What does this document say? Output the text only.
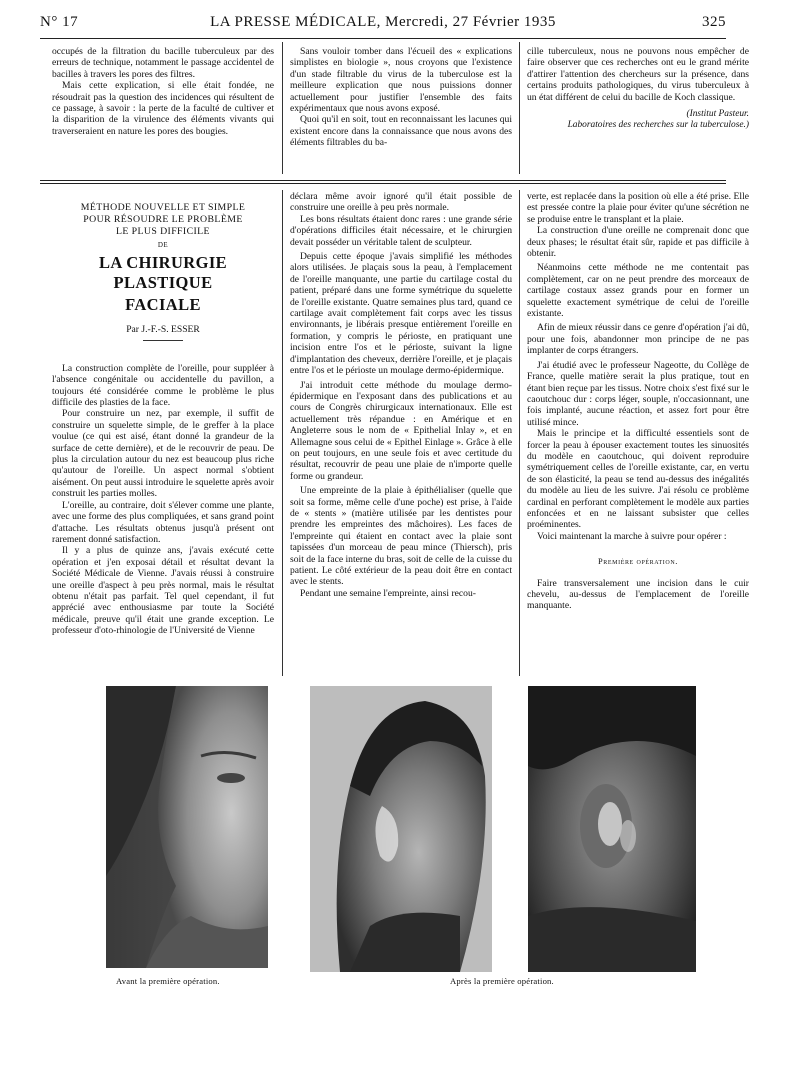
N° 17	LA PRESSE MÉDICALE, Mercredi, 27 Février 1935	325

occupés de la filtration du bacille tuberculeux par des erreurs de technique, notamment le passage accidentel de bacilles à travers les pores des filtres.

Mais cette explication, si elle était fondée, ne résoudrait pas la question des incidences qui résultent de ce passage, à savoir : la perte de la faculté de cultiver et la disparition de la virulence des éléments vivants qui traverseraient en nature les pores des bougies.

Sans vouloir tomber dans l'écueil des « explications simplistes en biologie », nous croyons que l'existence d'un stade filtrable du virus de la tuberculose est la meilleure explication que nous puissions donner actuellement pour justifier l'ensemble des faits expérimentaux que nous avons exposé.

Quoi qu'il en soit, tout en reconnaissant les lacunes qui existent encore dans la connaissance que nous avons des éléments filtrables du ba-

cille tuberculeux, nous ne pouvons nous empêcher de faire observer que ces recherches ont eu le grand mérite d'attirer l'attention des chercheurs sur la présence, dans certains produits pathologiques, du virus tuberculeux à un état différent de celui du bacille de Koch classique.

(Institut Pasteur.
Laboratoires des recherches sur la tuberculose.)
MÉTHODE NOUVELLE ET SIMPLE
POUR RÉSOUDRE LE PROBLÈME
LE PLUS DIFFICILE
DE
LA CHIRURGIE PLASTIQUE
FACIALE
Par J.-F.-S. ESSER

La construction complète de l'oreille, pour suppléer à l'absence congénitale ou accidentelle du pavillon, a toujours été considérée comme le problème le plus difficile des plasties de la face.

Pour construire un nez, par exemple, il suffit de construire un squelette simple, de le greffer à la place voulue (ce qui est aisé, étant donné la grandeur de la surface de cette dernière), et de le recouvrir de peau. De plus la circulation autour du nez est beaucoup plus riche qu'autour de l'oreille. Un aspect normal s'obtient aisément. On peut aussi introduire le squelette après avoir construit les parties molles.

L'oreille, au contraire, doit s'élever comme une plante, avec une forme des plus compliquées, et sans grand point d'attache. Les résultats obtenus jusqu'à présent ont rarement donné satisfaction.

Il y a plus de quinze ans, j'avais exécuté cette opération et j'en exposai détail et résultat devant la Société Médicale de Vienne. J'avais réussi à construire une oreille d'aspect à peu près normal, mais le résultat obtenu n'était pas parfait. Tel quel cependant, il fut apprécié avec enthousiasme par toute la Société médicale, preuve qu'il était une grande exception. Le professeur d'oto-rhinologie de l'Université de Vienne

déclara même avoir ignoré qu'il était possible de construire une oreille à peu près normale.

Les bons résultats étaient donc rares : une grande série d'opérations difficiles était nécessaire, et le chirurgien devait posséder un véritable talent de sculpteur.

Depuis cette époque j'avais simplifié les méthodes alors utilisées. Je plaçais sous la peau, à l'emplacement de l'oreille manquante, une partie du cartilage costal du patient, préparé dans une forme symétrique du squelette de l'oreille existante. Quatre semaines plus tard, quand ce cartilage avait complètement fait corps avec les tissus environnants, je libérais presque entièrement l'oreille en formation, y compris le périoste, en pratiquant une incision entre l'os et le périoste, suivant la ligne d'implantation des cheveux, derrière l'oreille, et je plaçais entre l'os et le périoste un moulage dermo-épidermique.

J'ai introduit cette méthode du moulage dermo-épidermique en l'exposant dans des publications et au cours de Congrès chirurgicaux internationaux. Elle est actuellement très répandue : en Amérique et en Angleterre sous le nom de « Epithelial Inlay », et en Allemagne sous celui de « Epithel Einlage ». Grâce à elle on peut toujours, en une seule fois et avec certitude du résultat, recouvrir de peau une plaie de n'importe quelle forme ou grandeur.

Une empreinte de la plaie à épithélialiser (quelle que soit sa forme, même celle d'une poche) est prise, à l'aide de « stents » (matière utilisée par les dentistes pour prendre les empreintes des mâchoires). Les faces de l'empreinte qui étaient en contact avec la plaie sont tapissées d'un morceau de peau mince (Thiersch), pris soit de la face interne du bras, soit de celle de la cuisse du patient. Le côté extérieur de la peau doit être en contact avec le stents.

Pendant une semaine l'empreinte, ainsi recou-

verte, est replacée dans la position où elle a été prise. Elle est pressée contre la plaie pour éviter qu'une sécrétion ne se produise entre le transplant et la plaie.

La construction d'une oreille ne comprenait donc que deux phases; le résultat était sûr, rapide et pas difficile à obtenir.

Néanmoins cette méthode ne me contentait pas complètement, car on ne peut prendre des morceaux de cartilage costaux assez grands pour en former un squelette exactement symétrique de celui de l'oreille existante.

Afin de mieux réussir dans ce genre d'opération j'ai dû, pour une fois, abandonner mon principe de ne pas implanter de corps étrangers.

J'ai étudié avec le professeur Nageotte, du Collège de France, quelle matière serait la plus pratique, tout en étant bien reçue par les tissus. Notre choix s'est fixé sur le caoutchouc dur : corps léger, souple, n'occasionnant, une fois implanté, aucune réaction, et assez fort pour être utilisé mince.

Mais le principe et la difficulté essentiels sont de forcer la peau à épouser exactement toutes les sinuosités du modèle en caoutchouc, qui doivent reproduire symétriquement celles de l'oreille existante, car, en vertu de son élasticité, la peau se tend au-dessus des inégalités du modèle au lieu de les suivre. J'ai résolu ce problème cardinal en perforant complètement le modèle aux parties enfoncées et en ne laissant subsister que celles proéminentes.

Voici maintenant la marche à suivre pour opérer :

Première opération.

Faire transversalement une incision dans le cuir chevelu, au-dessus de l'emplacement de l'oreille manquante.

Avant la première opération.	Après la première opération.
